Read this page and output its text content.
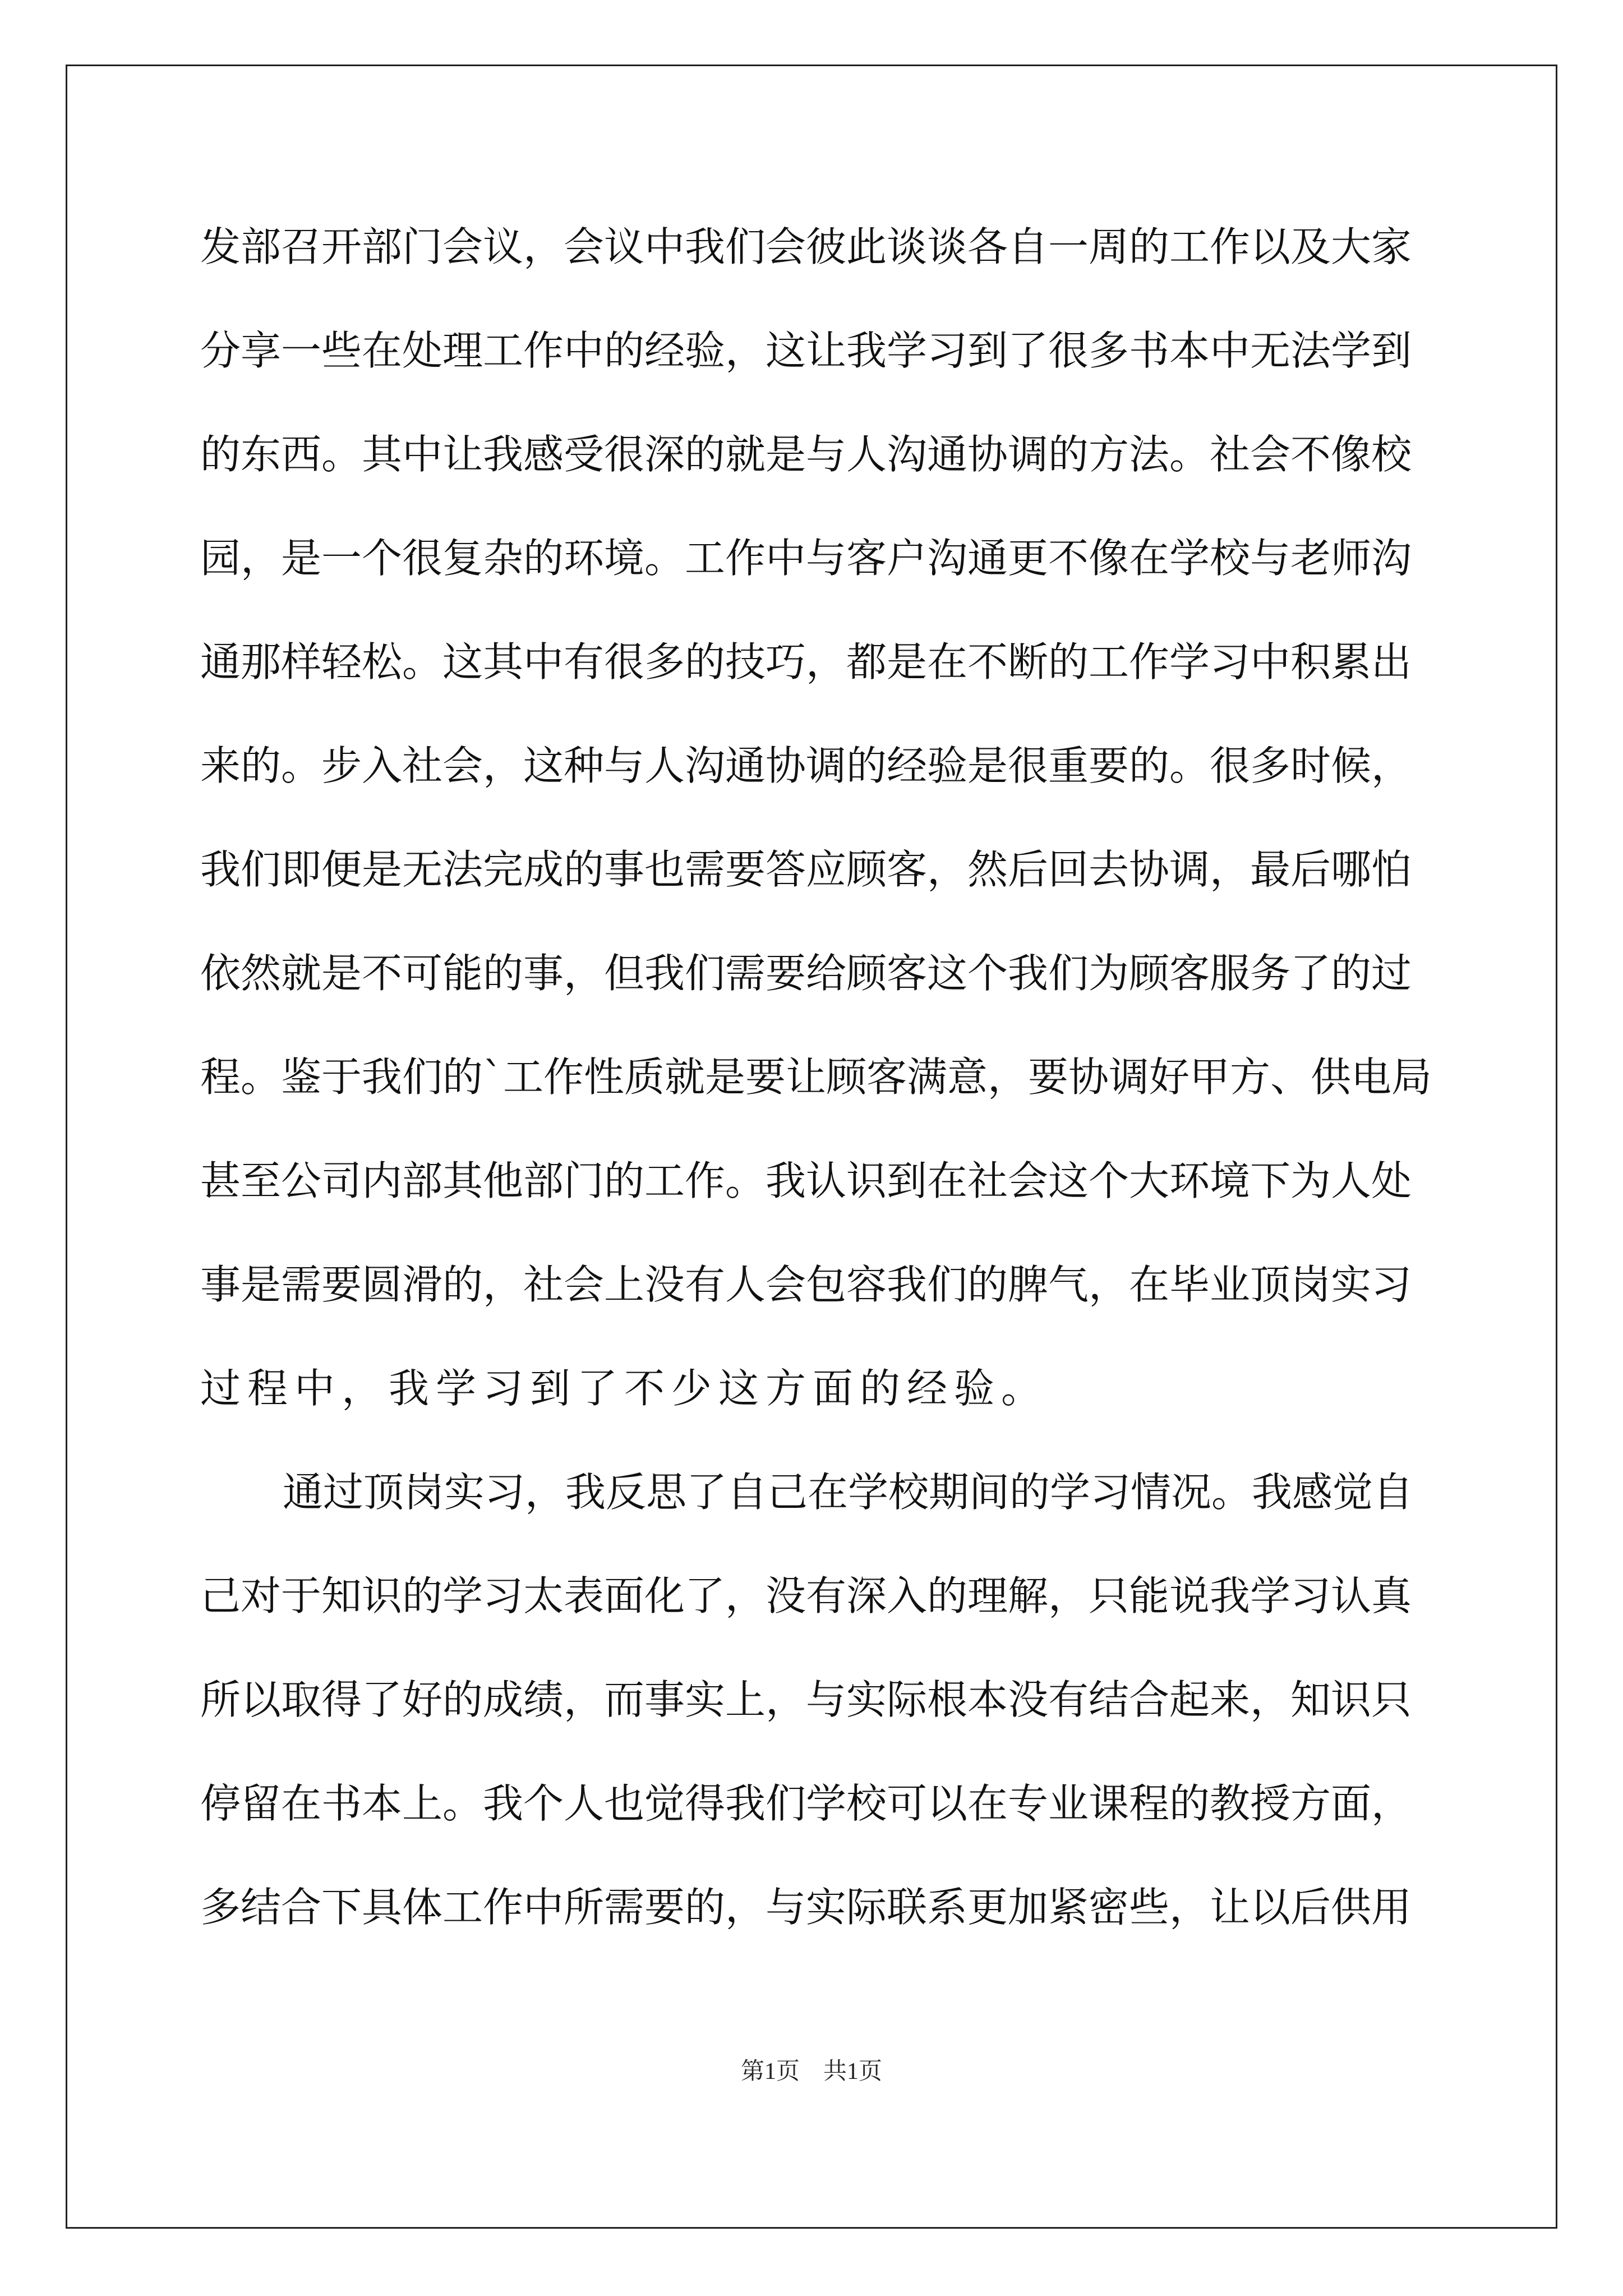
发部召开部门会议，会议中我们会彼此谈谈各自一周的工作以及大家
分享一些在处理工作中的经验，这让我学习到了很多书本中无法学到
的东西。其中让我感受很深的就是与人沟通协调的方法。社会不像校
园，是一个很复杂的环境。工作中与客户沟通更不像在学校与老师沟
通那样轻松。这其中有很多的技巧，都是在不断的工作学习中积累出
来的。步入社会，这种与人沟通协调的经验是很重要的。很多时候，
我们即便是无法完成的事也需要答应顾客，然后回去协调，最后哪怕
依然就是不可能的事，但我们需要给顾客这个我们为顾客服务了的过
程。鉴于我们的`工作性质就是要让顾客满意，要协调好甲方、供电局
甚至公司内部其他部门的工作。我认识到在社会这个大环境下为人处
事是需要圆滑的，社会上没有人会包容我们的脾气，在毕业顶岗实习
过程中，我学习到了不少这方面的经验。
通过顶岗实习，我反思了自己在学校期间的学习情况。我感觉自
己对于知识的学习太表面化了，没有深入的理解，只能说我学习认真
所以取得了好的成绩，而事实上，与实际根本没有结合起来，知识只
停留在书本上。我个人也觉得我们学校可以在专业课程的教授方面，
多结合下具体工作中所需要的，与实际联系更加紧密些，让以后供用
第1页　共1页
